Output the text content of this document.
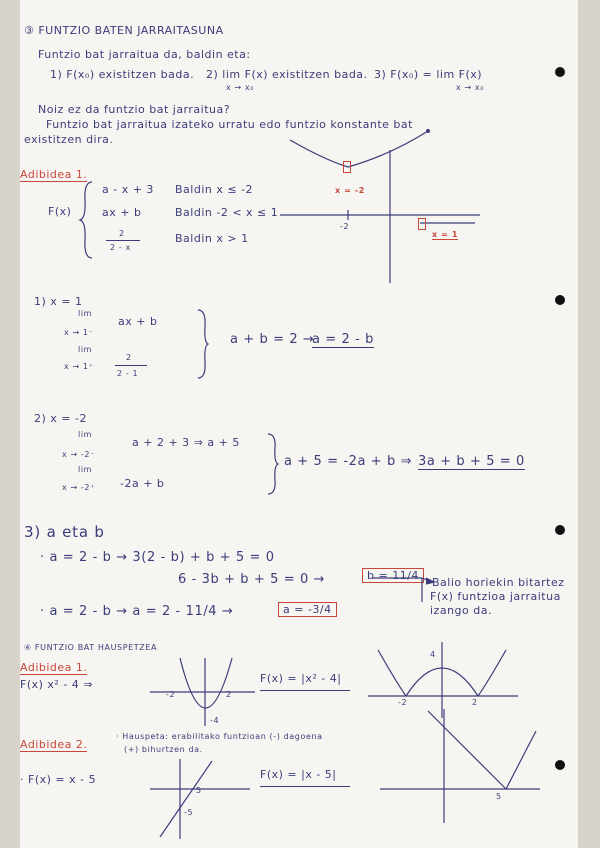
③ FUNTZIO BATEN JARRAITASUNA
Funtzio bat jarraitua da, baldin eta:
1) F(x₀) existitzen bada. 2) lim F(x) existitzen bada.
x → x₀
3) F(x₀) = lim F(x)
x → x₀
Noiz ez da funtzio bat jarraitua?
Funtzio bat jarraitua izateko urratu edo funtzio konstante bat
existitzen dira.
Adibidea 1.
F(x)
a - x + 3 Baldin x ≤ -2
ax + b	Baldin -2 < x ≤ 1
2
2 - x
Baldin x > 1
x = -2
x = 1
-2
1) x = 1
lim
x → 1⁻
ax + b
lim
x → 1⁺
2
2 - 1
a + b = 2 →
a = 2 - b
2) x = -2
lim
x → -2⁻
a + 2 + 3 ⇒ a + 5
lim
x → -2⁺ -2a + b
a + 5 = -2a + b ⇒ 3a + b + 5 = 0
3) a eta b
· a = 2 - b → 3(2 - b) + b + 5 = 0
6 - 3b + b + 5 = 0 →	b = 11/4
· a = 2 - b → a = 2 - 11/4 →	a = -3/4
Balio horiekin bitartez
F(x) funtzioa jarraitua
izango da.
④ FUNTZIO BAT HAUSPETZEA
Adibidea 1.
F(x) x² - 4 ⇒
-2	2
-4
F(x) = |x² - 4|
4
-2	2
Adibidea 2.
· Hauspeta: erabilitako funtzioan (-) dagoena
(+) bihurtzen da.
· F(x) = x - 5
5
-5
F(x) = |x - 5|
5
